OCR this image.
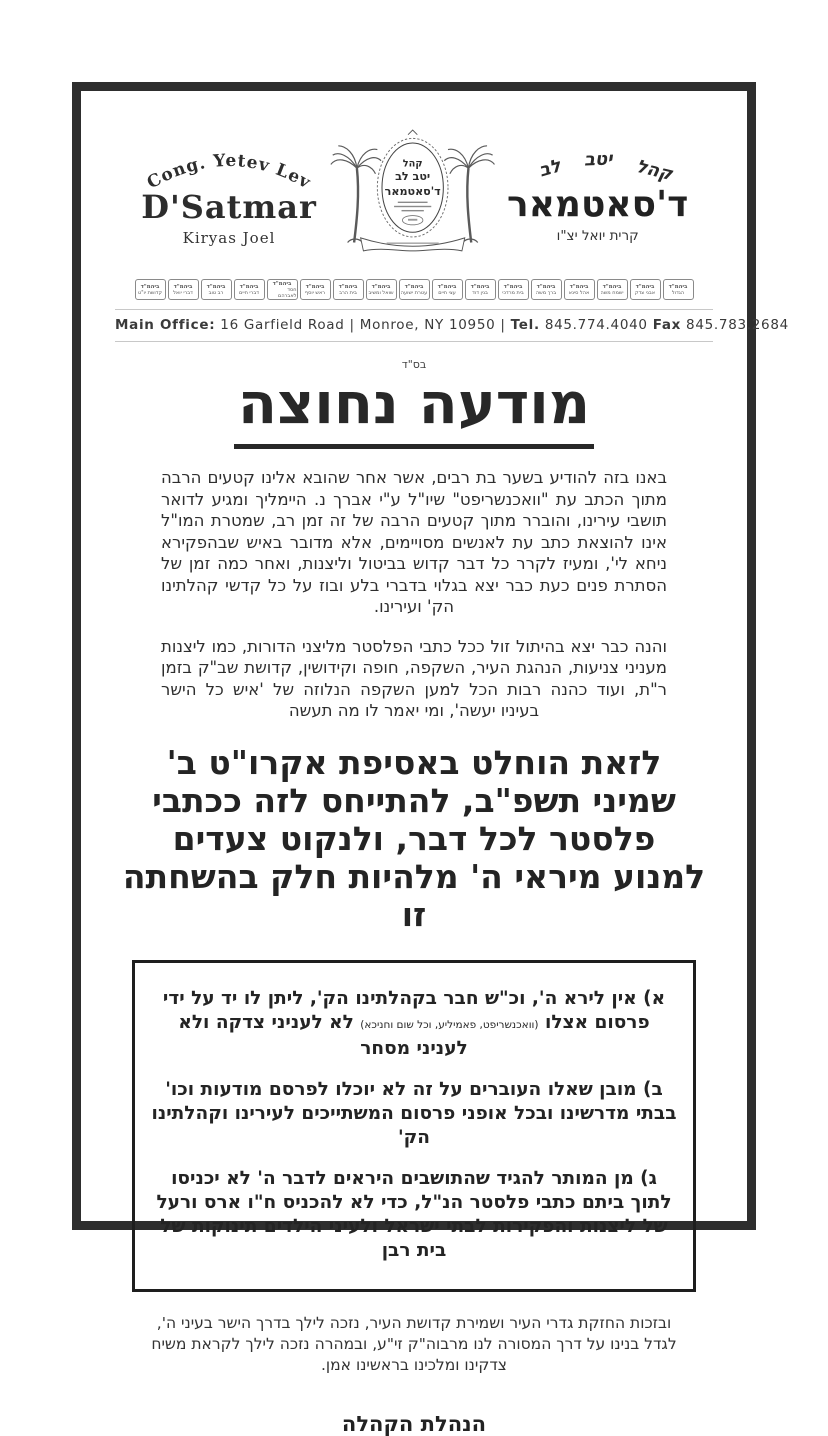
Cong. Yetev Lev
D'Satmar
Kiryas Joel
קהל
יטב לב
ד'סאטמאר
קהל
יטב
לב
ד'סאטמאר
קרית יואל יצ"ו
ביהמ"ד
הגדול
ביהמ"ד
אבני צדק
ביהמ"ד
ישמח משה
ביהמ"ד
אהל סינא
ביהמ"ד
ברך משה
ביהמ"ד
בית מרדכי
ביהמ"ד
בנין דוד
ביהמ"ד
עצי חיים
ביהמ"ד
עטרת ישועה
ביהמ"ד
שואל ומשיב
ביהמ"ד
בית הרב
ביהמ"ד
ראש יוסף
ביהמ"ד
חסד לאברהם
ביהמ"ד
דברי חיים
ביהמ"ד
רב טוב
ביהמ"ד
דברי יואל
ביהמ"ד
קדושת יו"ט
Main Office: 16 Garfield Road | Monroe, NY 10950 | Tel. 845.774.4040 Fax 845.783.2684
בס"ד
מודעה נחוצה

באנו בזה להודיע בשער בת רבים, אשר אחר שהובא אלינו קטעים הרבה מתוך הכתב עת "וואכנשריפט" שיו"ל ע"י אברך נ. היימליך ומגיע לדואר תושבי עירינו, והוברר מתוך קטעים הרבה של זה זמן רב, שמטרת המו"ל אינו להוצאת כתב עת לאנשים מסויימים, אלא מדובר באיש שבהפקירא ניחא לי', ומעיז לקרר כל דבר קדוש בביטול וליצנות, ואחר כמה זמן של הסתרת פנים כעת כבר יצא בגלוי בדברי בלע ובוז על כל קדשי קהלתינו הק' ועירינו.

והנה כבר יצא בהיתול זול ככל כתבי הפלסטר מליצני הדורות, כמו ליצנות מעניני צניעות, הנהגת העיר, השקפה, חופה וקידושין, קדושת שב"ק בזמן ר"ת, ועוד כהנה רבות הכל למען השקפה הנלוזה של 'איש כל הישר בעיניו יעשה', ומי יאמר לו מה תעשה

לזאת הוחלט באסיפת אקרו"ט ב' שמיני תשפ"ב, להתייחס לזה ככתבי פלסטר לכל דבר, ולנקוט צעדים למנוע מיראי ה' מלהיות חלק בהשחתה זו

א) אין לירא ה', וכ"ש חבר בקהלתינו הק', ליתן לו יד על ידי פרסום אצלו (וואכנשריפט, פאמיליע, וכל שום וחניכא) לא לעניני צדקה ולא לעניני מסחר

ב) מובן שאלו העוברים על זה לא יוכלו לפרסם מודעות וכו' בבתי מדרשינו ובכל אופני פרסום המשתייכים לעירינו וקהלתינו הק'

ג) מן המותר להגיד שהתושבים היראים לדבר ה' לא יכניסו לתוך ביתם כתבי פלסטר הנ"ל, כדי לא להכניס ח"ו ארס ורעל של ליצנות והפקירות לבתי ישראל ולעיני הילדים תינוקות של בית רבן

ובזכות החזקת גדרי העיר ושמירת קדושת העיר, נזכה לילך בדרך הישר בעיני ה', לגדל בנינו על דרך המסורה לנו מרבוה"ק זי"ע, ובמהרה נזכה לילך לקראת משיח צדקינו ומלכינו בראשינו אמן.

הנהלת הקהלה
